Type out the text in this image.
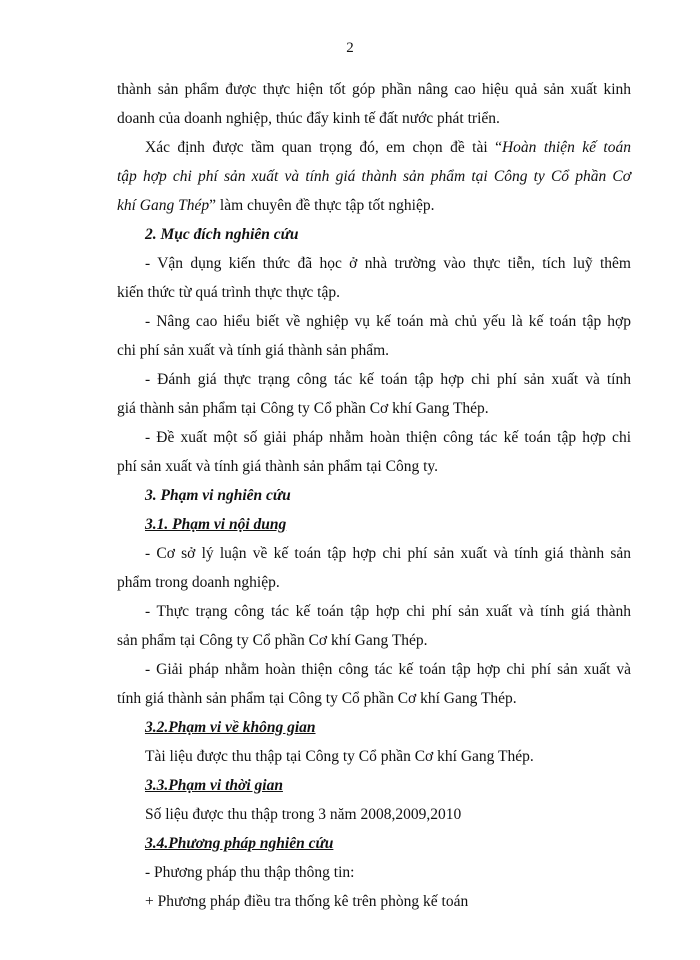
2
thành sản phẩm được thực hiện tốt góp phần nâng cao hiệu quả sản xuất kinh
doanh của doanh nghiệp, thúc đẩy kinh tế đất nước phát triển.
Xác định được tầm quan trọng đó, em chọn đề tài “Hoàn thiện kế toán
tập hợp chi phí sản xuất và tính giá thành sản phẩm tại Công ty Cổ phần Cơ
khí Gang Thép” làm chuyên đề thực tập tốt nghiệp.
2. Mục đích nghiên cứu
- Vận dụng kiến thức đã học ở nhà trường vào thực tiễn, tích luỹ thêm
kiến thức từ quá trình thực thực tập.
- Nâng cao hiểu biết về nghiệp vụ kế toán mà chủ yếu là kế toán tập hợp
chi phí sản xuất và tính giá thành sản phẩm.
- Đánh giá thực trạng công tác kế toán tập hợp chi phí sản xuất và tính
giá thành sản phẩm tại Công ty Cổ phần Cơ khí Gang Thép.
- Đề xuất một số giải pháp nhằm hoàn thiện công tác kế toán tập hợp chi
phí sản xuất và tính giá thành sản phẩm tại Công ty.
3. Phạm vi nghiên cứu
3.1. Phạm vi nội dung
- Cơ sở lý luận về kế toán tập hợp chi phí sản xuất và tính giá thành sản
phẩm trong doanh nghiệp.
- Thực trạng công tác kế toán tập hợp chi phí sản xuất và tính giá thành
sản phẩm tại Công ty Cổ phần Cơ khí Gang Thép.
- Giải pháp nhằm hoàn thiện công tác kế toán tập hợp chi phí sản xuất và
tính giá thành sản phẩm tại Công ty Cổ phần Cơ khí Gang Thép.
3.2.Phạm vi về không gian
Tài liệu được thu thập tại Công ty Cổ phần Cơ khí Gang Thép.
3.3.Phạm vi thời gian
Số liệu được thu thập trong 3 năm 2008,2009,2010
3.4.Phương pháp nghiên cứu
- Phương pháp thu thập thông tin:
+ Phương pháp điều tra thống kê trên phòng kế toán
